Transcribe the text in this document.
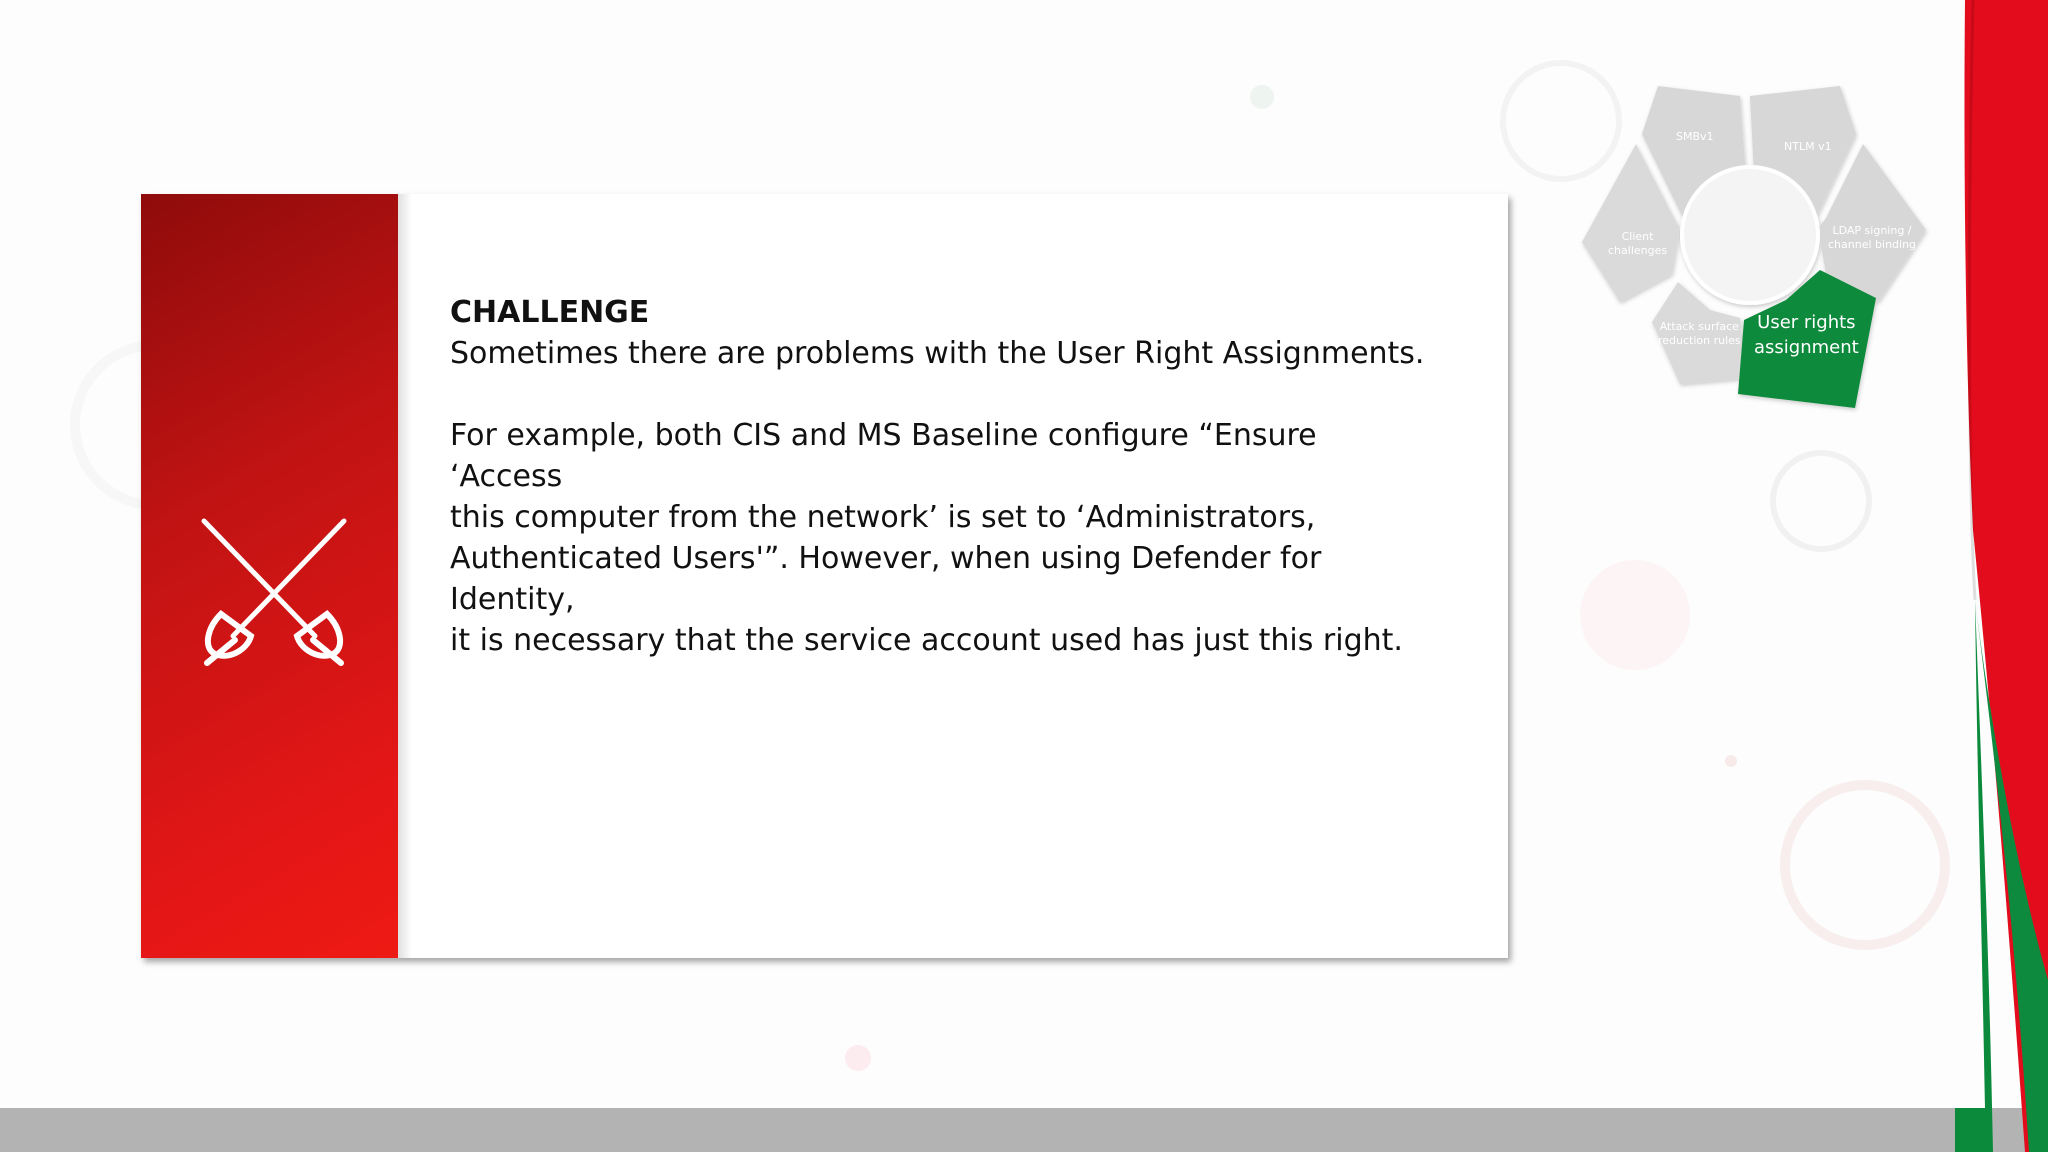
CHALLENGE
Sometimes there are problems with the User Right Assignments.
For example, both CIS and MS Baseline configure “Ensure ‘Access
this computer from the network’ is set to ‘Administrators,
Authenticated Users'”. However, when using Defender for Identity,
it is necessary that the service account used has just this right.
SMBv1
NTLM v1
LDAP signing /
channel binding
Client
challenges
Attack surface
reduction rules
User rights
assignment
